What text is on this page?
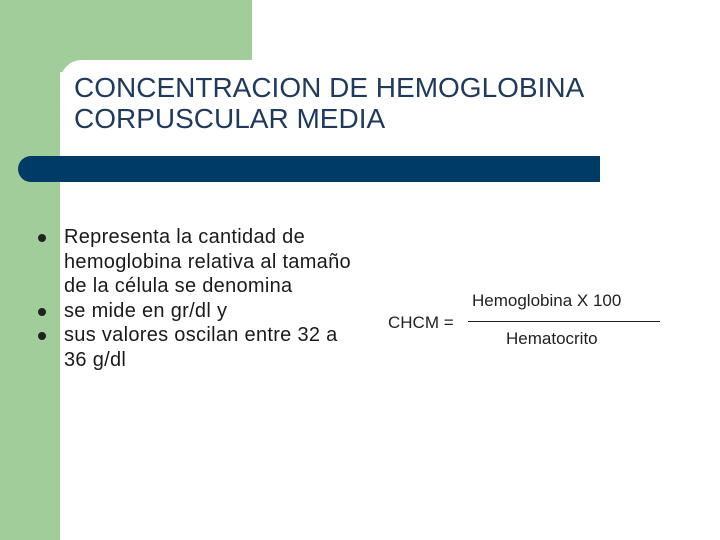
CONCENTRACION DE HEMOGLOBINA
CORPUSCULAR MEDIA
Representa la cantidad de hemoglobina relativa al tamaño de la célula se denomina
se mide en gr/dl y
sus valores oscilan entre 32 a 36 g/dl
CHCM =
Hemoglobina X 100
Hematocrito
